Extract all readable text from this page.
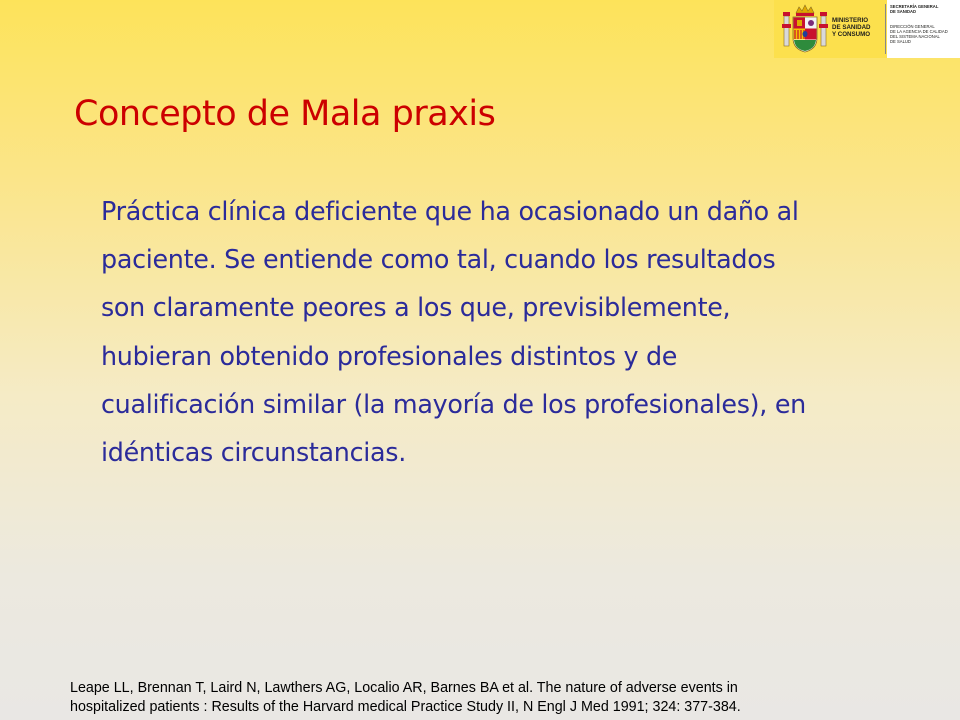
MINISTERIO
DE SANIDAD
Y CONSUMO
SECRETARÍA GENERAL
DE SANIDAD
DIRECCIÓN GENERAL
DE LA AGENCIA DE CALIDAD
DEL SISTEMA NACIONAL
DE SALUD
Concepto de Mala praxis
Práctica clínica deficiente que ha ocasionado un daño al
paciente. Se entiende como tal, cuando los resultados
son claramente peores a los que, previsiblemente,
hubieran obtenido profesionales distintos y de
cualificación similar (la mayoría de los profesionales), en
idénticas circunstancias.
Leape LL, Brennan T, Laird N, Lawthers AG, Localio AR, Barnes BA et al. The nature of adverse events in
hospitalized patients : Results of the Harvard medical Practice Study II, N Engl J Med 1991; 324: 377-384.
